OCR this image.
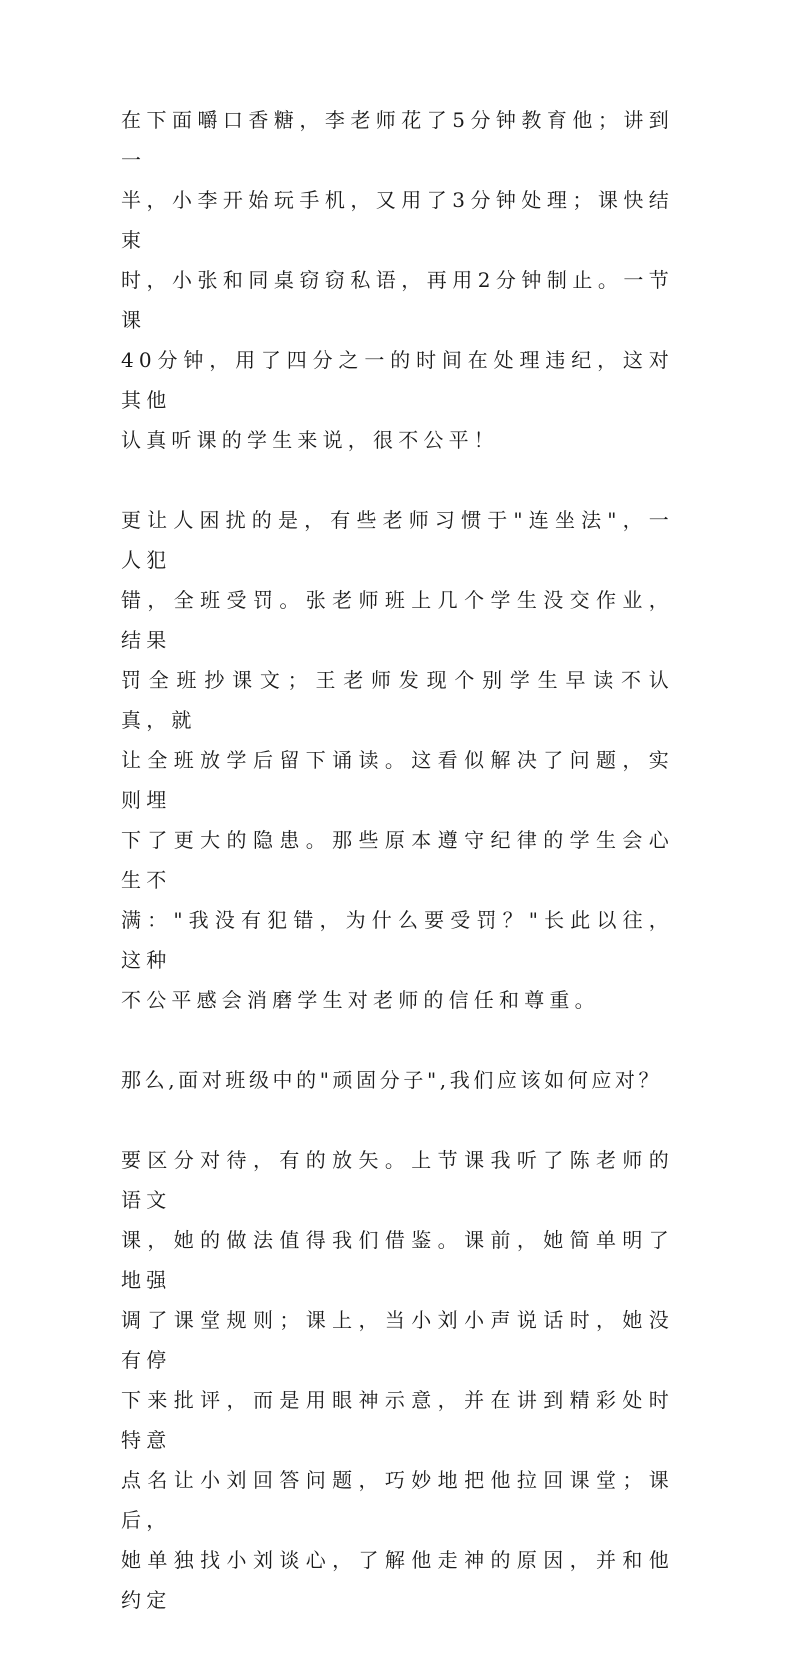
在下面嚼口香糖，李老师花了5分钟教育他；讲到一
半，小李开始玩手机，又用了3分钟处理；课快结束
时，小张和同桌窃窃私语，再用2分钟制止。一节课
40分钟，用了四分之一的时间在处理违纪，这对其他
认真听课的学生来说，很不公平！
更让人困扰的是，有些老师习惯于"连坐法"，一人犯
错，全班受罚。张老师班上几个学生没交作业，结果
罚全班抄课文；王老师发现个别学生早读不认真，就
让全班放学后留下诵读。这看似解决了问题，实则埋
下了更大的隐患。那些原本遵守纪律的学生会心生不
满："我没有犯错，为什么要受罚？"长此以往，这种
不公平感会消磨学生对老师的信任和尊重。
那么,面对班级中的"顽固分子",我们应该如何应对？
要区分对待，有的放矢。上节课我听了陈老师的语文
课，她的做法值得我们借鉴。课前，她简单明了地强
调了课堂规则；课上，当小刘小声说话时，她没有停
下来批评，而是用眼神示意，并在讲到精彩处时特意
点名让小刘回答问题，巧妙地把他拉回课堂；课后，
她单独找小刘谈心，了解他走神的原因，并和他约定
